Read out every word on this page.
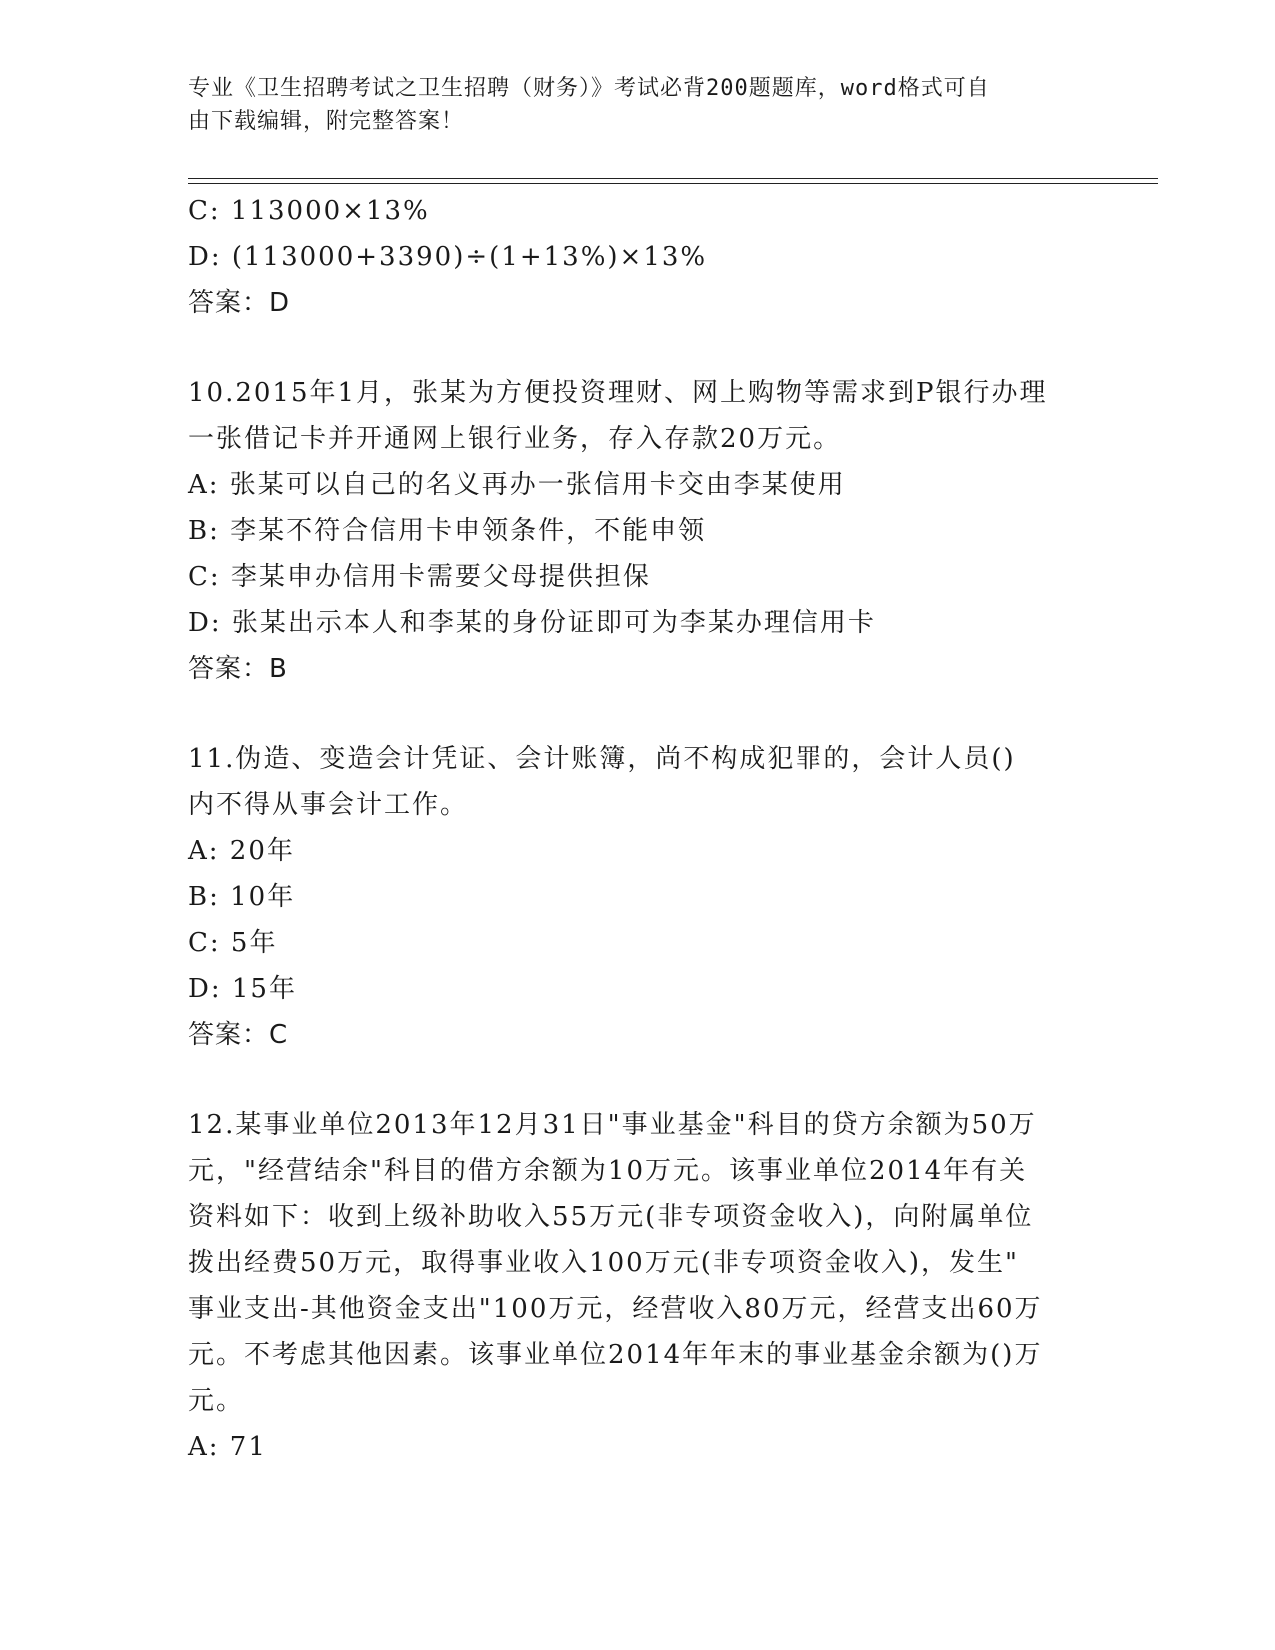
专业《卫生招聘考试之卫生招聘（财务）》考试必背200题题库，word格式可自
由下载编辑，附完整答案！
C: 113000×13%
D: (113000+3390)÷(1+13%)×13%
答案：D
10.2015年1月，张某为方便投资理财、网上购物等需求到P银行办理
一张借记卡并开通网上银行业务，存入存款20万元。
A: 张某可以自己的名义再办一张信用卡交由李某使用
B: 李某不符合信用卡申领条件，不能申领
C: 李某申办信用卡需要父母提供担保
D: 张某出示本人和李某的身份证即可为李某办理信用卡
答案：B
11.伪造、变造会计凭证、会计账簿，尚不构成犯罪的，会计人员()
内不得从事会计工作。
A: 20年
B: 10年
C: 5年
D: 15年
答案：C
12.某事业单位2013年12月31日"事业基金"科目的贷方余额为50万
元，"经营结余"科目的借方余额为10万元。该事业单位2014年有关
资料如下：收到上级补助收入55万元(非专项资金收入)，向附属单位
拨出经费50万元，取得事业收入100万元(非专项资金收入)，发生"
事业支出-其他资金支出"100万元，经营收入80万元，经营支出60万
元。不考虑其他因素。该事业单位2014年年末的事业基金余额为()万
元。
A: 71
